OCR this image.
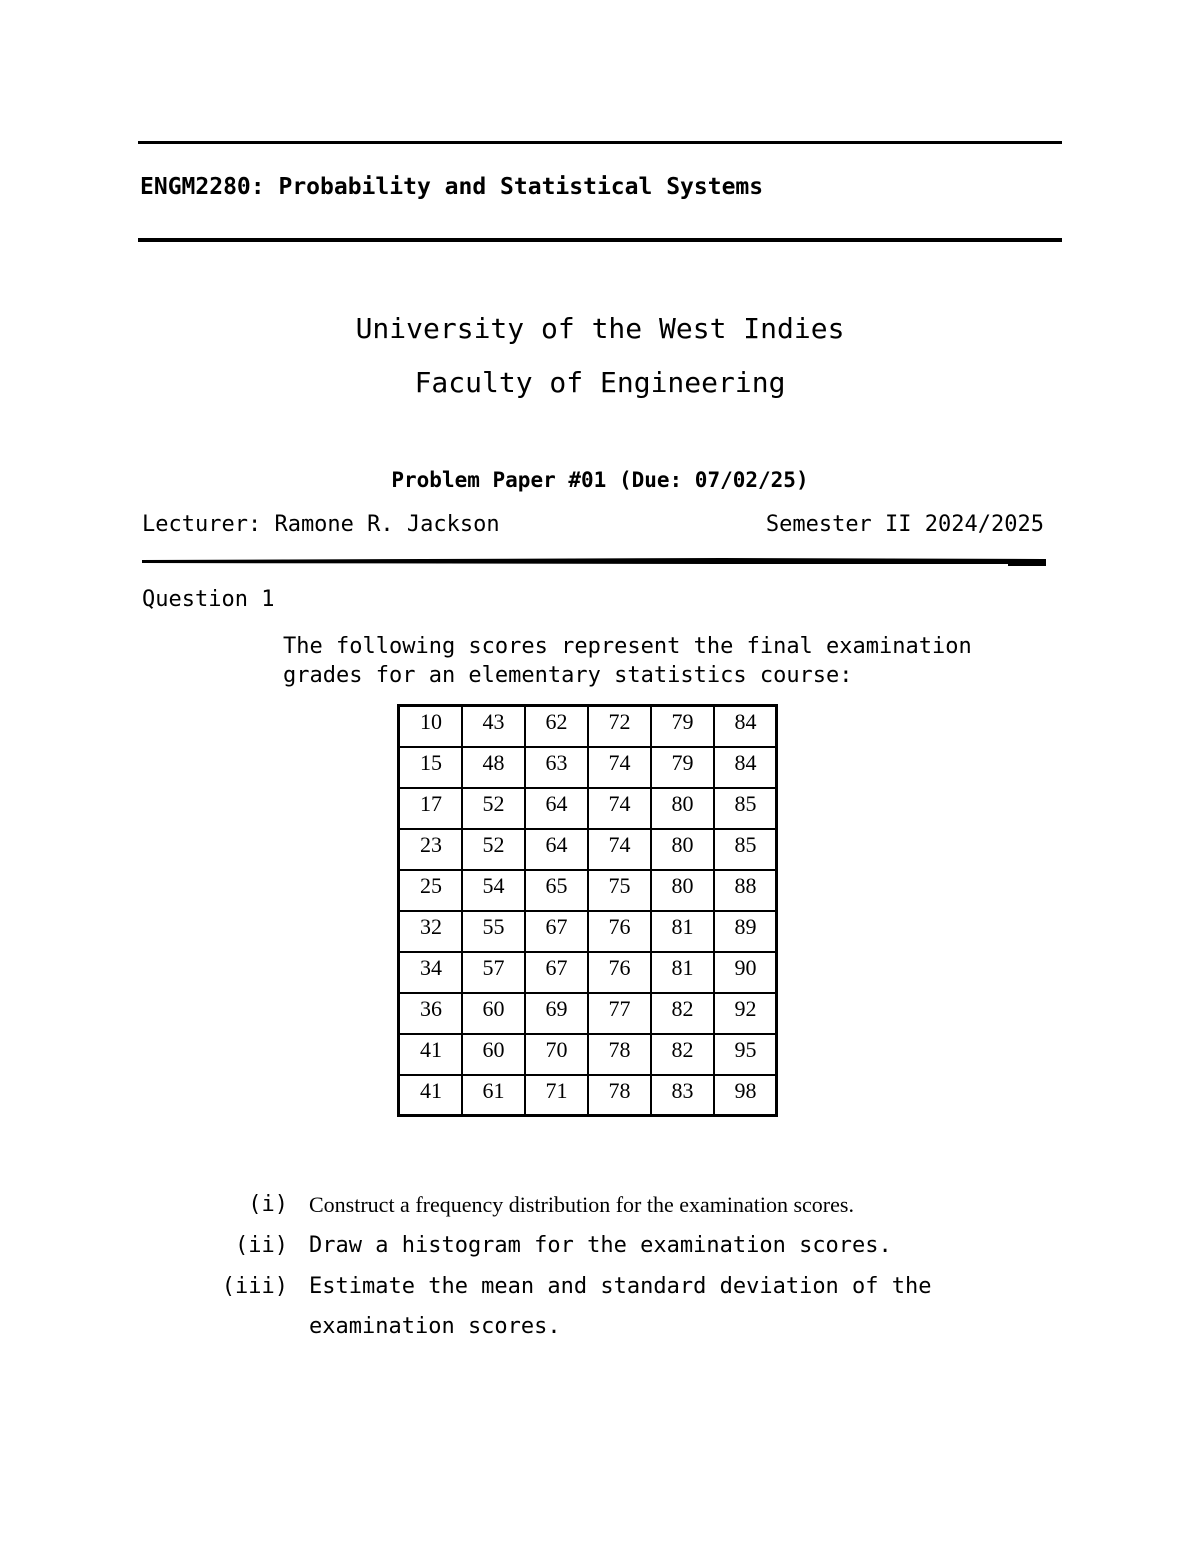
ENGM2280: Probability and Statistical Systems
University of the West Indies
Faculty of Engineering
Problem Paper #01 (Due: 07/02/25)
Lecturer: Ramone R. Jackson	Semester II 2024/2025
Question 1
The following scores represent the final examination
grades for an elementary statistics course:
10	43	62	72	79	84
15	48	63	74	79	84
17	52	64	74	80	85
23	52	64	74	80	85
25	54	65	75	80	88
32	55	67	76	81	89
34	57	67	76	81	90
36	60	69	77	82	92
41	60	70	78	82	95
41	61	71	78	83	98
(i) Construct a frequency distribution for the examination scores.
(ii) Draw a histogram for the examination scores.
(iii) Estimate the mean and standard deviation of the
examination scores.
